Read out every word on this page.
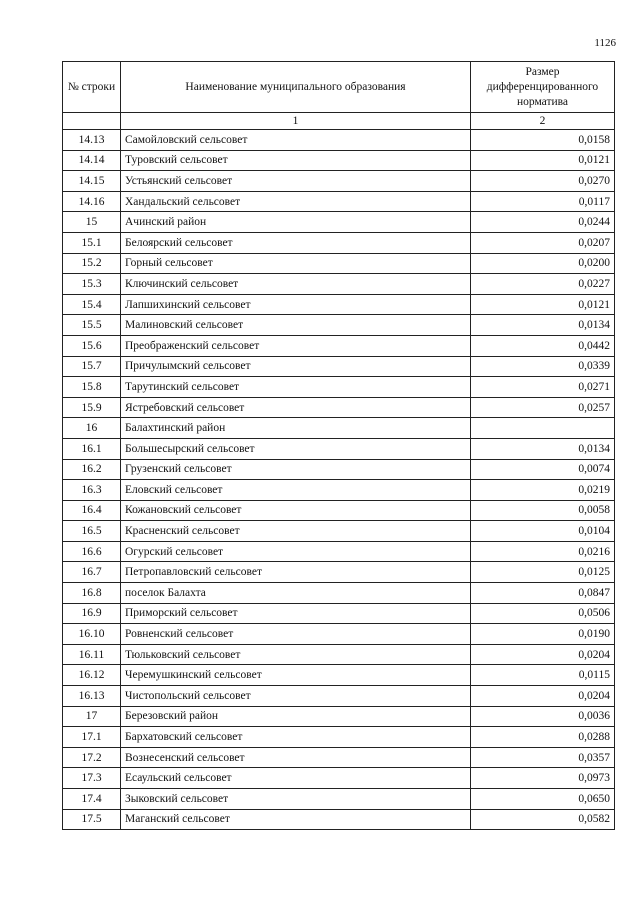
1126
№ строки	Наименование муниципального образования	Размер дифференцированного норматива
	1	2
14.13	Самойловский сельсовет	0,0158
14.14	Туровский сельсовет	0,0121
14.15	Устьянский сельсовет	0,0270
14.16	Хандальский сельсовет	0,0117
15	Ачинский район	0,0244
15.1	Белоярский сельсовет	0,0207
15.2	Горный сельсовет	0,0200
15.3	Ключинский сельсовет	0,0227
15.4	Лапшихинский сельсовет	0,0121
15.5	Малиновский сельсовет	0,0134
15.6	Преображенский сельсовет	0,0442
15.7	Причулымский сельсовет	0,0339
15.8	Тарутинский сельсовет	0,0271
15.9	Ястребовский сельсовет	0,0257
16	Балахтинский район	
16.1	Большесырский сельсовет	0,0134
16.2	Грузенский сельсовет	0,0074
16.3	Еловский сельсовет	0,0219
16.4	Кожановский сельсовет	0,0058
16.5	Красненский сельсовет	0,0104
16.6	Огурский сельсовет	0,0216
16.7	Петропавловский сельсовет	0,0125
16.8	поселок Балахта	0,0847
16.9	Приморский сельсовет	0,0506
16.10	Ровненский сельсовет	0,0190
16.11	Тюльковский сельсовет	0,0204
16.12	Черемушкинский сельсовет	0,0115
16.13	Чистопольский сельсовет	0,0204
17	Березовский район	0,0036
17.1	Бархатовский сельсовет	0,0288
17.2	Вознесенский сельсовет	0,0357
17.3	Есаульский сельсовет	0,0973
17.4	Зыковский сельсовет	0,0650
17.5	Маганский сельсовет	0,0582
